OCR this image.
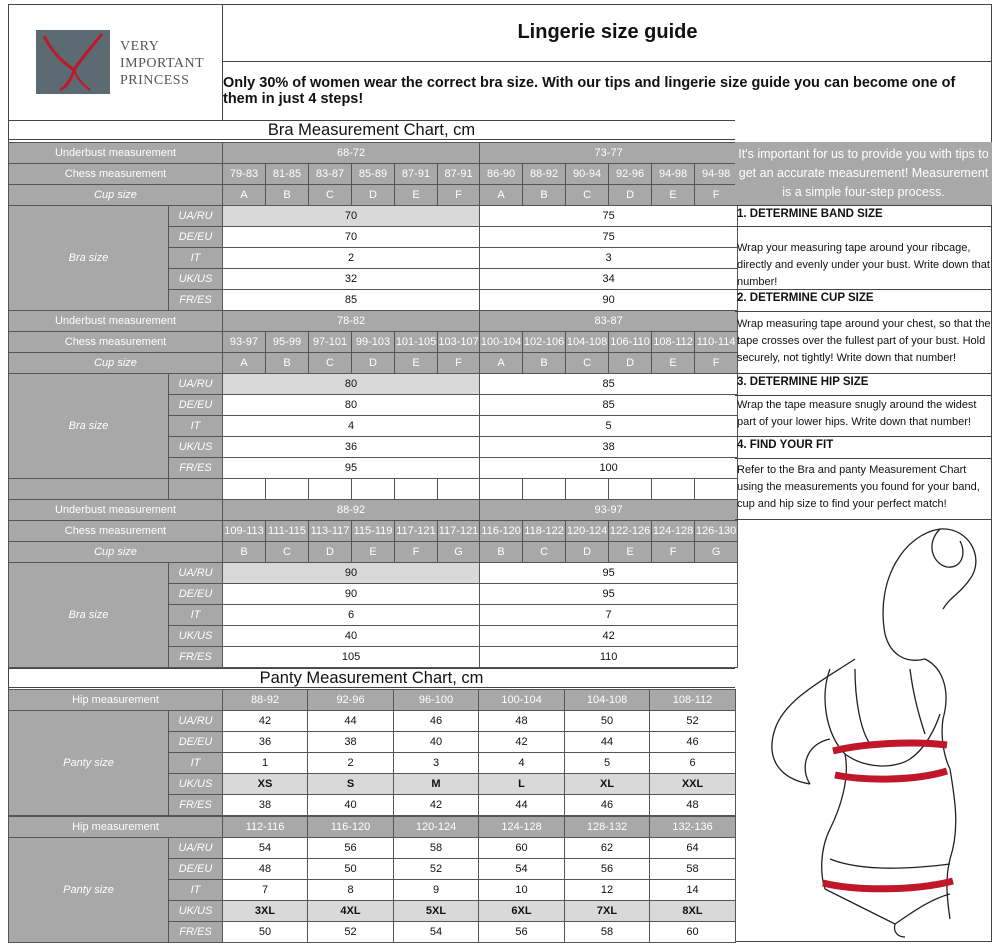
VERY
IMPORTANT
PRINCESS
Lingerie size guide
Only 30% of women wear the correct bra size. With our tips and lingerie size guide you can become one of them in just 4 steps!
Bra Measurement Chart, cm
Panty Measurement Chart, cm
Underbust measurement		68-72						73-77					
Chess measurement		79-83	81-85	83-87	85-89	87-91	87-91	86-90	88-92	90-94	92-96	94-98	94-98
Cup size		A	B	C	D	E	F	A	B	C	D	E	F
Bra size	UA/RU	70						75					
	DE/EU	70						75					
	IT	2						3					
	UK/US	32						34					
	FR/ES	85						90					
Underbust measurement		78-82						83-87					
Chess measurement		93-97	95-99	97-101	99-103	101-105	103-107	100-104	102-106	104-108	106-110	108-112	110-114
Cup size		A	B	C	D	E	F	A	B	C	D	E	F
Bra size	UA/RU	80						85					
	DE/EU	80						85					
	IT	4						5					
	UK/US	36						38					
	FR/ES	95						100					
Underbust measurement		88-92						93-97					
Chess measurement		109-113	111-115	113-117	115-119	117-121	117-121	116-120	118-122	120-124	122-126	124-128	126-130
Cup size		B	C	D	E	F	G	B	C	D	E	F	G
Bra size	UA/RU	90						95					
	DE/EU	90						95					
	IT	6						7					
	UK/US	40						42					
	FR/ES	105						110					

Hip measurement		88-92	92-96	96-100	100-104	104-108	108-112
Panty size	UA/RU	42	44	46	48	50	52
	DE/EU	36	38	40	42	44	46
	IT	1	2	3	4	5	6
	UK/US	XS	S	M	L	XL	XXL
	FR/ES	38	40	42	44	46	48
Hip measurement		112-116	116-120	120-124	124-128	128-132	132-136
Panty size	UA/RU	54	56	58	60	62	64
	DE/EU	48	50	52	54	56	58
	IT	7	8	9	10	12	14
	UK/US	3XL	4XL	5XL	6XL	7XL	8XL
	FR/ES	50	52	54	56	58	60
It's important for us to provide you with tips to get an accurate measurement! Measurement is a simple four-step process.
1. DETERMINE BAND SIZE
Wrap your measuring tape around your ribcage, directly and evenly under your bust. Write down that number!
2. DETERMINE CUP SIZE
Wrap measuring tape around your chest, so that the tape crosses over the fullest part of your bust. Hold securely, not tightly! Write down that number!
3. DETERMINE HIP SIZE
Wrap the tape measure snugly around the widest part of your lower hips. Write down that number!
4. FIND YOUR FIT
Refer to the Bra and panty Measurement Chart using the measurements you found for your band, cup and hip size to find your perfect match!
